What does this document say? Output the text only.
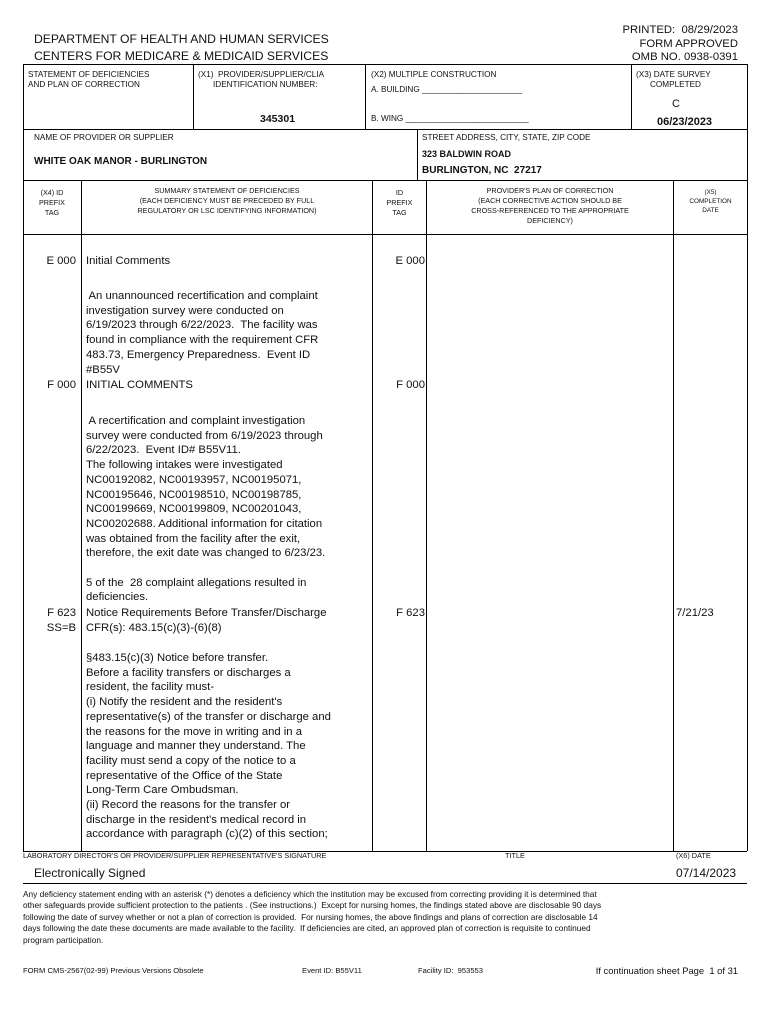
PRINTED:  08/29/2023
FORM APPROVED
OMB NO. 0938-0391
DEPARTMENT OF HEALTH AND HUMAN SERVICES
CENTERS FOR MEDICARE & MEDICAID SERVICES
STATEMENT OF DEFICIENCIES
AND PLAN OF CORRECTION
(X1)  PROVIDER/SUPPLIER/CLIA
IDENTIFICATION NUMBER:
345301
(X2) MULTIPLE CONSTRUCTION
A. BUILDING ______________________
B. WING ___________________________
(X3) DATE SURVEY
COMPLETED
C
06/23/2023
NAME OF PROVIDER OR SUPPLIER
WHITE OAK MANOR - BURLINGTON
STREET ADDRESS, CITY, STATE, ZIP CODE
323 BALDWIN ROAD
BURLINGTON, NC  27217
(X4) ID
PREFIX
TAG
SUMMARY STATEMENT OF DEFICIENCIES
(EACH DEFICIENCY MUST BE PRECEDED BY FULL
REGULATORY OR LSC IDENTIFYING INFORMATION)
ID
PREFIX
TAG
PROVIDER'S PLAN OF CORRECTION
(EACH CORRECTIVE ACTION SHOULD BE
CROSS-REFERENCED TO THE APPROPRIATE
DEFICIENCY)
(X5)
COMPLETION
DATE
E 000 Initial Comments	E 000
An unannounced recertification and complaint
investigation survey were conducted on
6/19/2023 through 6/22/2023.  The facility was
found in compliance with the requirement CFR
483.73, Emergency Preparedness.  Event ID
#B55V
F 000 INITIAL COMMENTS	F 000
A recertification and complaint investigation
survey were conducted from 6/19/2023 through
6/22/2023.  Event ID# B55V11.
The following intakes were investigated
NC00192082, NC00193957, NC00195071,
NC00195646, NC00198510, NC00198785,
NC00199669, NC00199809, NC00201043,
NC00202688. Additional information for citation
was obtained from the facility after the exit,
therefore, the exit date was changed to 6/23/23.
5 of the  28 complaint allegations resulted in
deficiencies.
F 623
SS=B
Notice Requirements Before Transfer/Discharge
CFR(s): 483.15(c)(3)-(6)(8)
F 623	7/21/23
§483.15(c)(3) Notice before transfer.
Before a facility transfers or discharges a
resident, the facility must-
(i) Notify the resident and the resident's
representative(s) of the transfer or discharge and
the reasons for the move in writing and in a
language and manner they understand. The
facility must send a copy of the notice to a
representative of the Office of the State
Long-Term Care Ombudsman.
(ii) Record the reasons for the transfer or
discharge in the resident's medical record in
accordance with paragraph (c)(2) of this section;
LABORATORY DIRECTOR'S OR PROVIDER/SUPPLIER REPRESENTATIVE'S SIGNATURE	TITLE	(X6) DATE
Electronically Signed	07/14/2023
Any deficiency statement ending with an asterisk (*) denotes a deficiency which the institution may be excused from correcting providing it is determined that
other safeguards provide sufficient protection to the patients . (See instructions.)  Except for nursing homes, the findings stated above are disclosable 90 days
following the date of survey whether or not a plan of correction is provided.  For nursing homes, the above findings and plans of correction are disclosable 14
days following the date these documents are made available to the facility.  If deficiencies are cited, an approved plan of correction is requisite to continued
program participation.
FORM CMS-2567(02-99) Previous Versions Obsolete	Event ID: B55V11	Facility ID:  953553	If continuation sheet Page  1 of 31
